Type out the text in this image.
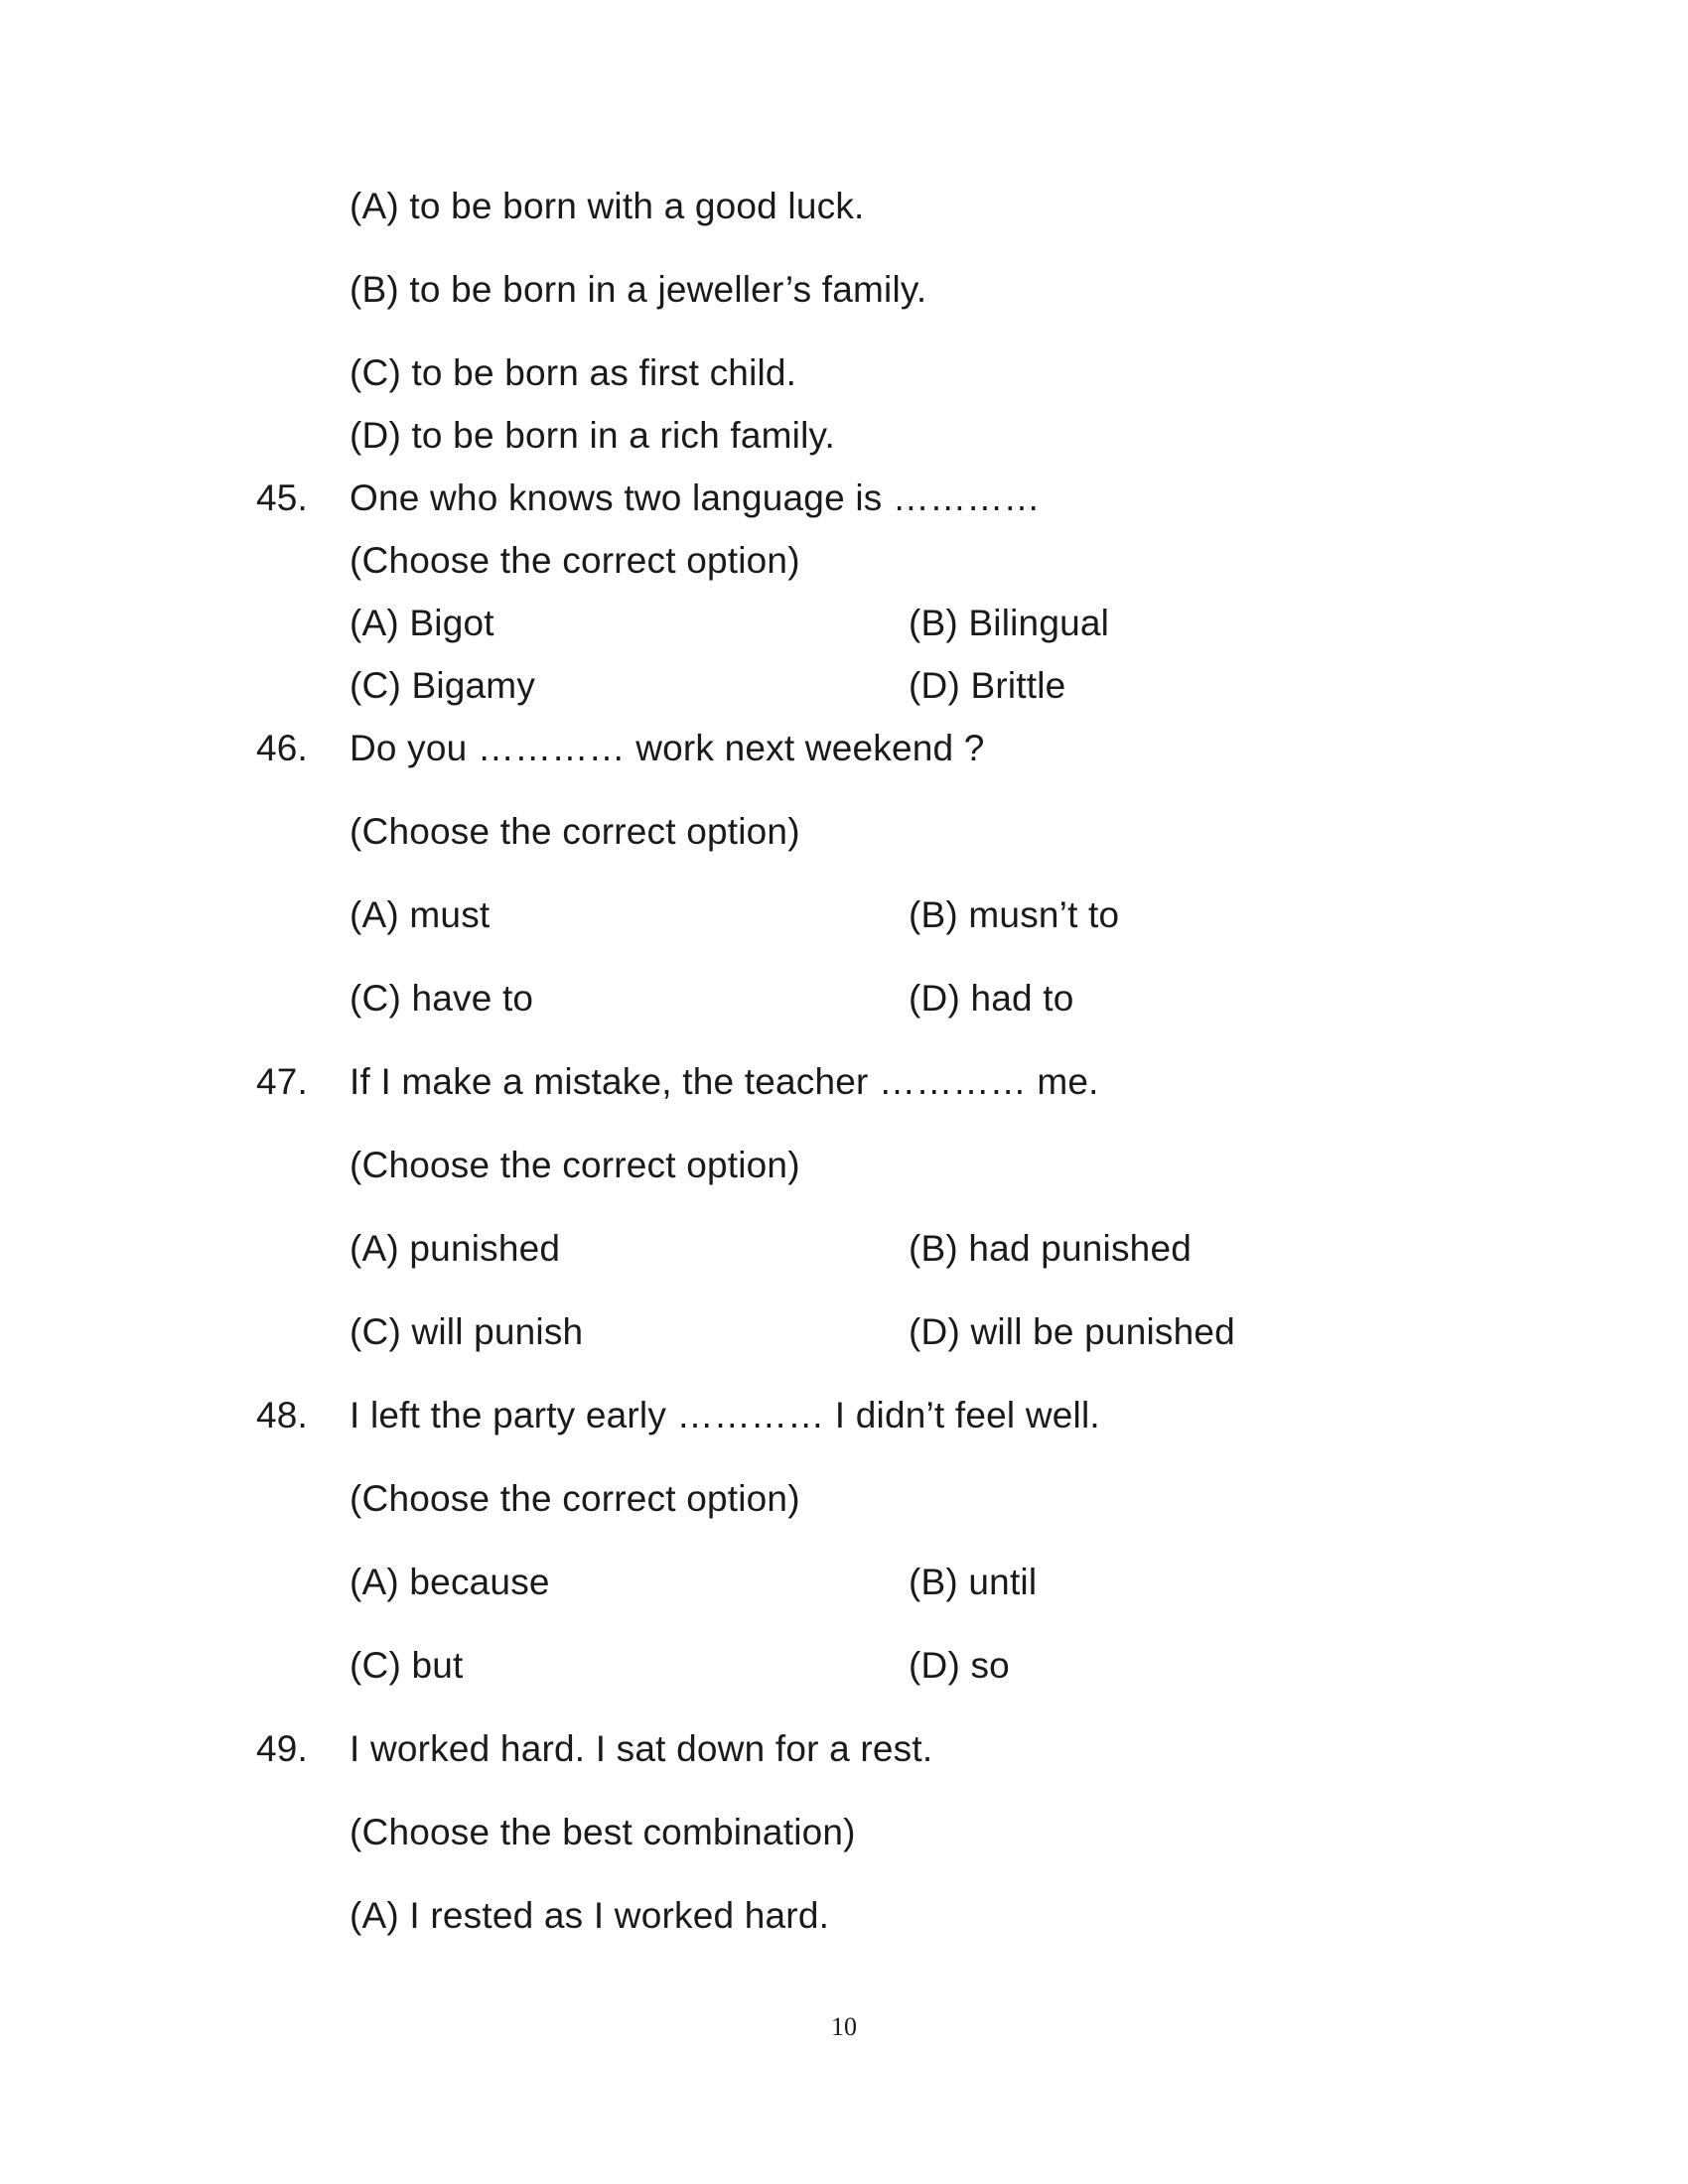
(A) to be born with a good luck.
(B) to be born in a jeweller’s family.
(C) to be born as first child.
(D) to be born in a rich family.
45. One who knows two language is …………
(Choose the correct option)
(A) Bigot	(B) Bilingual
(C) Bigamy	(D) Brittle
46. Do you ………… work next weekend ?
(Choose the correct option)
(A) must	(B) musn’t to
(C) have to	(D) had to
47. If I make a mistake, the teacher ………… me.
(Choose the correct option)
(A) punished	(B) had punished
(C) will punish	(D) will be punished
48. I left the party early ………… I didn’t feel well.
(Choose the correct option)
(A) because	(B) until
(C) but	(D) so
49. I worked hard. I sat down for a rest.
(Choose the best combination)
(A) I rested as I worked hard.
10
